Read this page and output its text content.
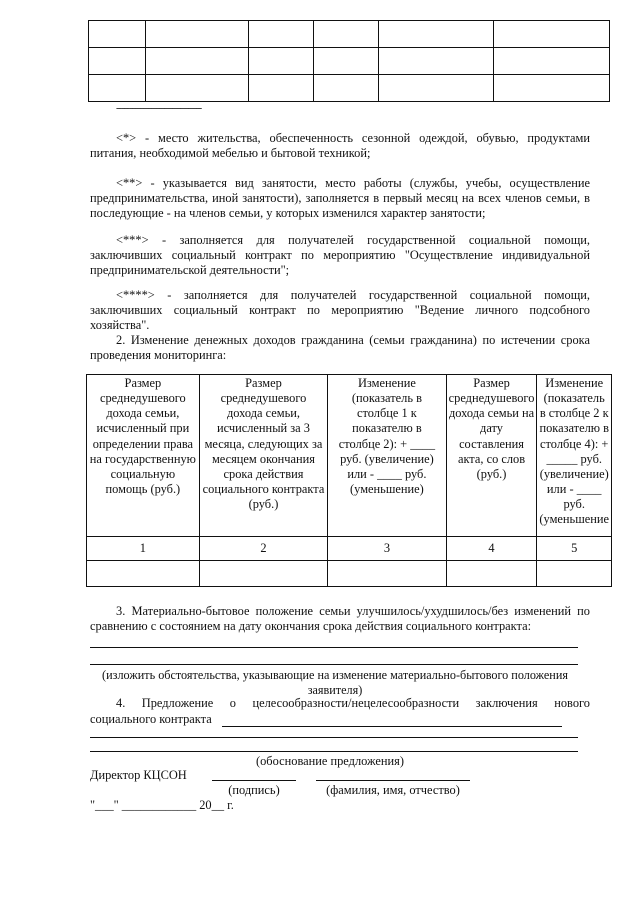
--------------------------------

<*> - место жительства, обеспеченность сезонной одеждой, обувью, продуктами питания, необходимой мебелью и бытовой техникой;

<**> - указывается вид занятости, место работы (службы, учебы, осуществление предпринимательства, иной занятости), заполняется в первый месяц на всех членов семьи, в последующие - на членов семьи, у которых изменился характер занятости;

<***> - заполняется для получателей государственной социальной помощи, заключивших социальный контракт по мероприятию "Осуществление индивидуальной предпринимательской деятельности";

<****> - заполняется для получателей государственной социальной помощи, заключивших социальный контракт по мероприятию "Ведение личного подсобного хозяйства".

2. Изменение денежных доходов гражданина (семьи гражданина) по истечении срока проведения мониторинга:

Размер среднедушевого дохода семьи, исчисленный при определении права на государственную социальную помощь (руб.)	Размер среднедушевого дохода семьи, исчисленный за 3 месяца, следующих за месяцем окончания срока действия социального контракта (руб.)	Изменение (показатель в столбце 1 к показателю в столбце 2): + ____ руб. (увеличение) или - ____ руб. (уменьшение)	Размер среднедушевого дохода семьи на дату составления акта, со слов (руб.)	Изменение (показатель в столбце 2 к показателю в столбце 4): + _____ руб. (увеличение) или - ____ руб. (уменьшение
1	2	3	4	5

3. Материально-бытовое положение семьи улучшилось/ухудшилось/без изменений по сравнению с состоянием на дату окончания срока действия социального контракта:

(изложить обстоятельства, указывающие на изменение материально-бытового положения заявителя)
4. Предложение о целесообразности/нецелесообразности заключения нового
социального контракта
(обоснование предложения)
Директор КЦСОН
(подпись)	(фамилия, имя, отчество)
"___" ____________ 20__ г.
